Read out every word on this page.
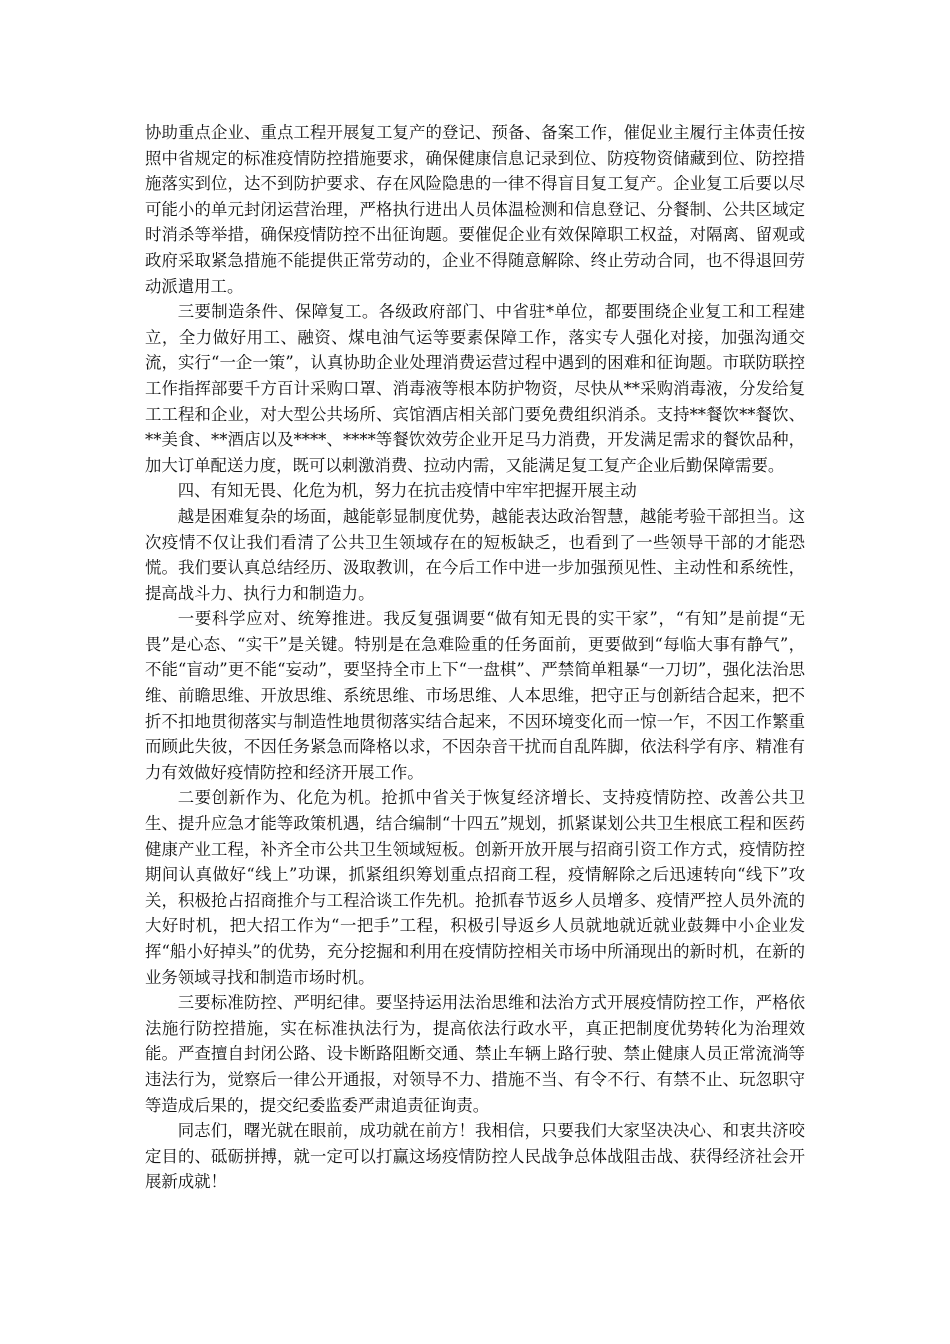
协助重点企业、重点工程开展复工复产的登记、预备、备案工作，催促业主履行主体责任按照中省规定的标准疫情防控措施要求，确保健康信息记录到位、防疫物资储藏到位、防控措施落实到位，达不到防护要求、存在风险隐患的一律不得盲目复工复产。企业复工后要以尽可能小的单元封闭运营治理，严格执行进出人员体温检测和信息登记、分餐制、公共区域定时消杀等举措，确保疫情防控不出征询题。要催促企业有效保障职工权益，对隔离、留观或政府采取紧急措施不能提供正常劳动的，企业不得随意解除、终止劳动合同，也不得退回劳动派遣用工。

三要制造条件、保障复工。各级政府部门、中省驻*单位，都要围绕企业复工和工程建立，全力做好用工、融资、煤电油气运等要素保障工作，落实专人强化对接，加强沟通交流，实行“一企一策”，认真协助企业处理消费运营过程中遇到的困难和征询题。市联防联控工作指挥部要千方百计采购口罩、消毒液等根本防护物资，尽快从**采购消毒液，分发给复工工程和企业，对大型公共场所、宾馆酒店相关部门要免费组织消杀。支持**餐饮**餐饮、**美食、**酒店以及****、****等餐饮效劳企业开足马力消费，开发满足需求的餐饮品种，加大订单配送力度，既可以刺激消费、拉动内需，又能满足复工复产企业后勤保障需要。

四、有知无畏、化危为机，努力在抗击疫情中牢牢把握开展主动

越是困难复杂的场面，越能彰显制度优势，越能表达政治智慧，越能考验干部担当。这次疫情不仅让我们看清了公共卫生领域存在的短板缺乏，也看到了一些领导干部的才能恐慌。我们要认真总结经历、汲取教训，在今后工作中进一步加强预见性、主动性和系统性，提高战斗力、执行力和制造力。

一要科学应对、统筹推进。我反复强调要“做有知无畏的实干家”，“有知”是前提“无畏”是心态、“实干”是关键。特别是在急难险重的任务面前，更要做到“每临大事有静气”，不能“盲动”更不能“妄动”，要坚持全市上下“一盘棋”、严禁简单粗暴“一刀切”，强化法治思维、前瞻思维、开放思维、系统思维、市场思维、人本思维，把守正与创新结合起来，把不折不扣地贯彻落实与制造性地贯彻落实结合起来，不因环境变化而一惊一乍，不因工作繁重而顾此失彼，不因任务紧急而降格以求，不因杂音干扰而自乱阵脚，依法科学有序、精准有力有效做好疫情防控和经济开展工作。

二要创新作为、化危为机。抢抓中省关于恢复经济增长、支持疫情防控、改善公共卫生、提升应急才能等政策机遇，结合编制“十四五”规划，抓紧谋划公共卫生根底工程和医药健康产业工程，补齐全市公共卫生领域短板。创新开放开展与招商引资工作方式，疫情防控期间认真做好“线上”功课，抓紧组织筹划重点招商工程，疫情解除之后迅速转向“线下”攻关，积极抢占招商推介与工程洽谈工作先机。抢抓春节返乡人员增多、疫情严控人员外流的大好时机，把大招工作为“一把手”工程，积极引导返乡人员就地就近就业鼓舞中小企业发挥“船小好掉头”的优势，充分挖掘和利用在疫情防控相关市场中所涌现出的新时机，在新的业务领域寻找和制造市场时机。

三要标准防控、严明纪律。要坚持运用法治思维和法治方式开展疫情防控工作，严格依法施行防控措施，实在标准执法行为，提高依法行政水平，真正把制度优势转化为治理效能。严查擅自封闭公路、设卡断路阻断交通、禁止车辆上路行驶、禁止健康人员正常流淌等违法行为，觉察后一律公开通报，对领导不力、措施不当、有令不行、有禁不止、玩忽职守等造成后果的，提交纪委监委严肃追责征询责。

同志们，曙光就在眼前，成功就在前方！我相信，只要我们大家坚决决心、和衷共济咬定目的、砥砺拼搏，就一定可以打赢这场疫情防控人民战争总体战阻击战、获得经济社会开展新成就！
